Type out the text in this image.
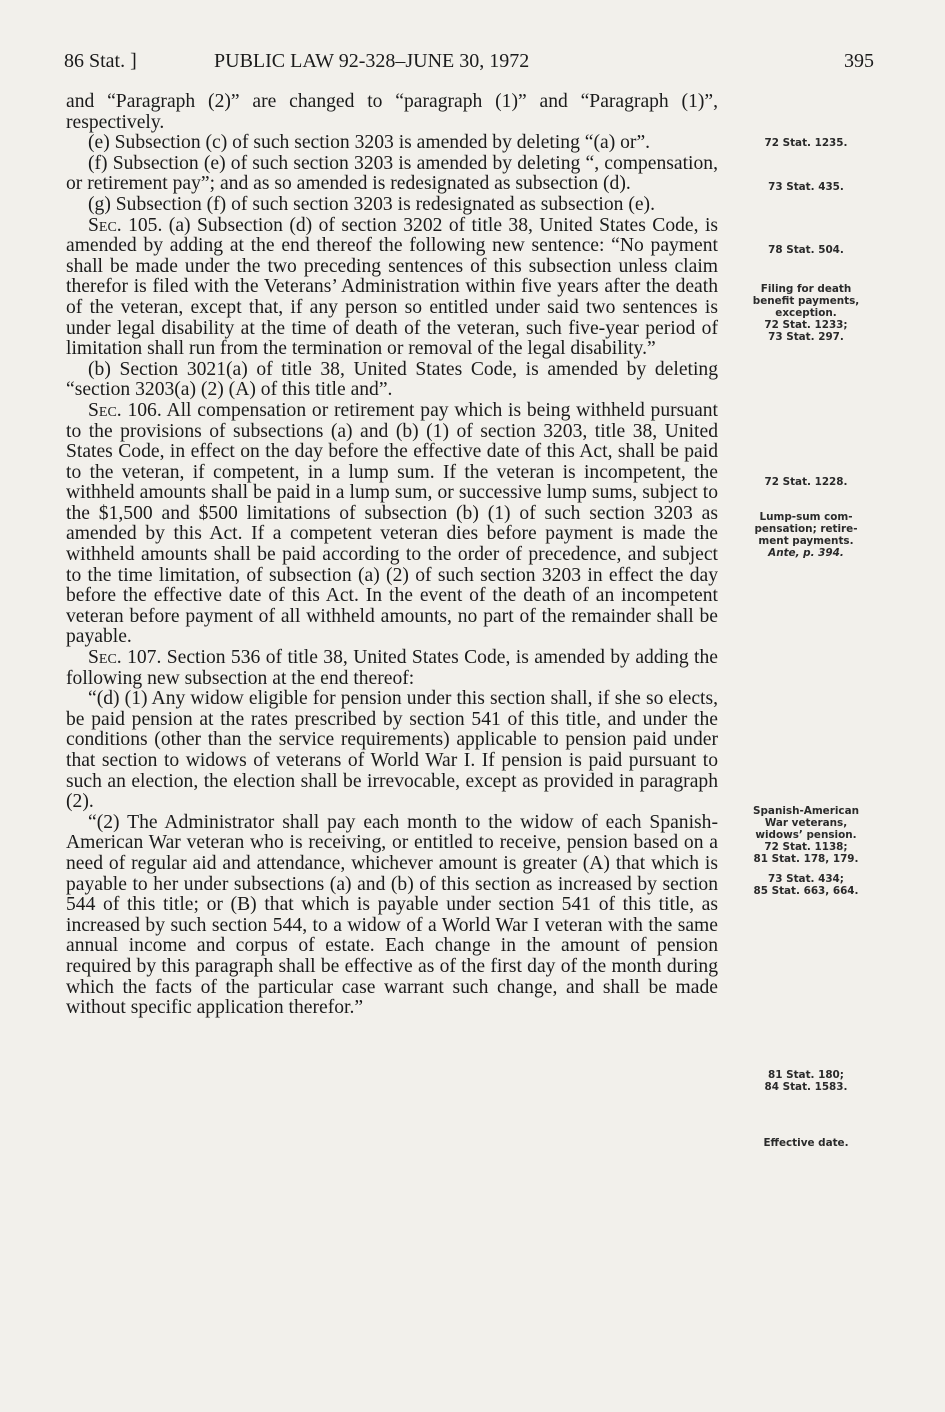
86 Stat. ]	PUBLIC LAW 92-328–JUNE 30, 1972	395

and “Paragraph (2)” are changed to “paragraph (1)” and “Paragraph (1)”, respectively.

(e) Subsection (c) of such section 3203 is amended by deleting “(a) or”.

(f) Subsection (e) of such section 3203 is amended by deleting “, compensation, or retirement pay”; and as so amended is redesignated as subsection (d).

(g) Subsection (f) of such section 3203 is redesignated as subsection (e).

Sec. 105. (a) Subsection (d) of section 3202 of title 38, United States Code, is amended by adding at the end thereof the following new sentence: “No payment shall be made under the two preceding sentences of this subsection unless claim therefor is filed with the Veterans’ Administration within five years after the death of the veteran, except that, if any person so entitled under said two sentences is under legal disability at the time of death of the veteran, such five-year period of limitation shall run from the termination or removal of the legal disability.”

(b) Section 3021(a) of title 38, United States Code, is amended by deleting “section 3203(a) (2) (A) of this title and”.

Sec. 106. All compensation or retirement pay which is being withheld pursuant to the provisions of subsections (a) and (b) (1) of section 3203, title 38, United States Code, in effect on the day before the effective date of this Act, shall be paid to the veteran, if competent, in a lump sum. If the veteran is incompetent, the withheld amounts shall be paid in a lump sum, or successive lump sums, subject to the $1,500 and $500 limitations of subsection (b) (1) of such section 3203 as amended by this Act. If a competent veteran dies before payment is made the withheld amounts shall be paid according to the order of precedence, and subject to the time limitation, of subsection (a) (2) of such section 3203 in effect the day before the effective date of this Act. In the event of the death of an incompetent veteran before payment of all withheld amounts, no part of the remainder shall be payable.

Sec. 107. Section 536 of title 38, United States Code, is amended by adding the following new subsection at the end thereof:

“(d) (1) Any widow eligible for pension under this section shall, if she so elects, be paid pension at the rates prescribed by section 541 of this title, and under the conditions (other than the service requirements) applicable to pension paid under that section to widows of veterans of World War I. If pension is paid pursuant to such an election, the election shall be irrevocable, except as provided in paragraph (2).

“(2) The Administrator shall pay each month to the widow of each Spanish-American War veteran who is receiving, or entitled to receive, pension based on a need of regular aid and attendance, whichever amount is greater (A) that which is payable to her under subsections (a) and (b) of this section as increased by section 544 of this title; or (B) that which is payable under section 541 of this title, as increased by such section 544, to a widow of a World War I veteran with the same annual income and corpus of estate. Each change in the amount of pension required by this paragraph shall be effective as of the first day of the month during which the facts of the particular case warrant such change, and shall be made without specific application therefor.”

72 Stat. 1235.
73 Stat. 435.
78 Stat. 504.
Filing for death
benefit payments,
exception.
72 Stat. 1233;
73 Stat. 297.
72 Stat. 1228.
Lump-sum com-
pensation; retire-
ment payments.
Ante, p. 394.
Spanish-American
War veterans,
widows’ pension.
72 Stat. 1138;
81 Stat. 178, 179.
73 Stat. 434;
85 Stat. 663, 664.
81 Stat. 180;
84 Stat. 1583.
Effective date.
